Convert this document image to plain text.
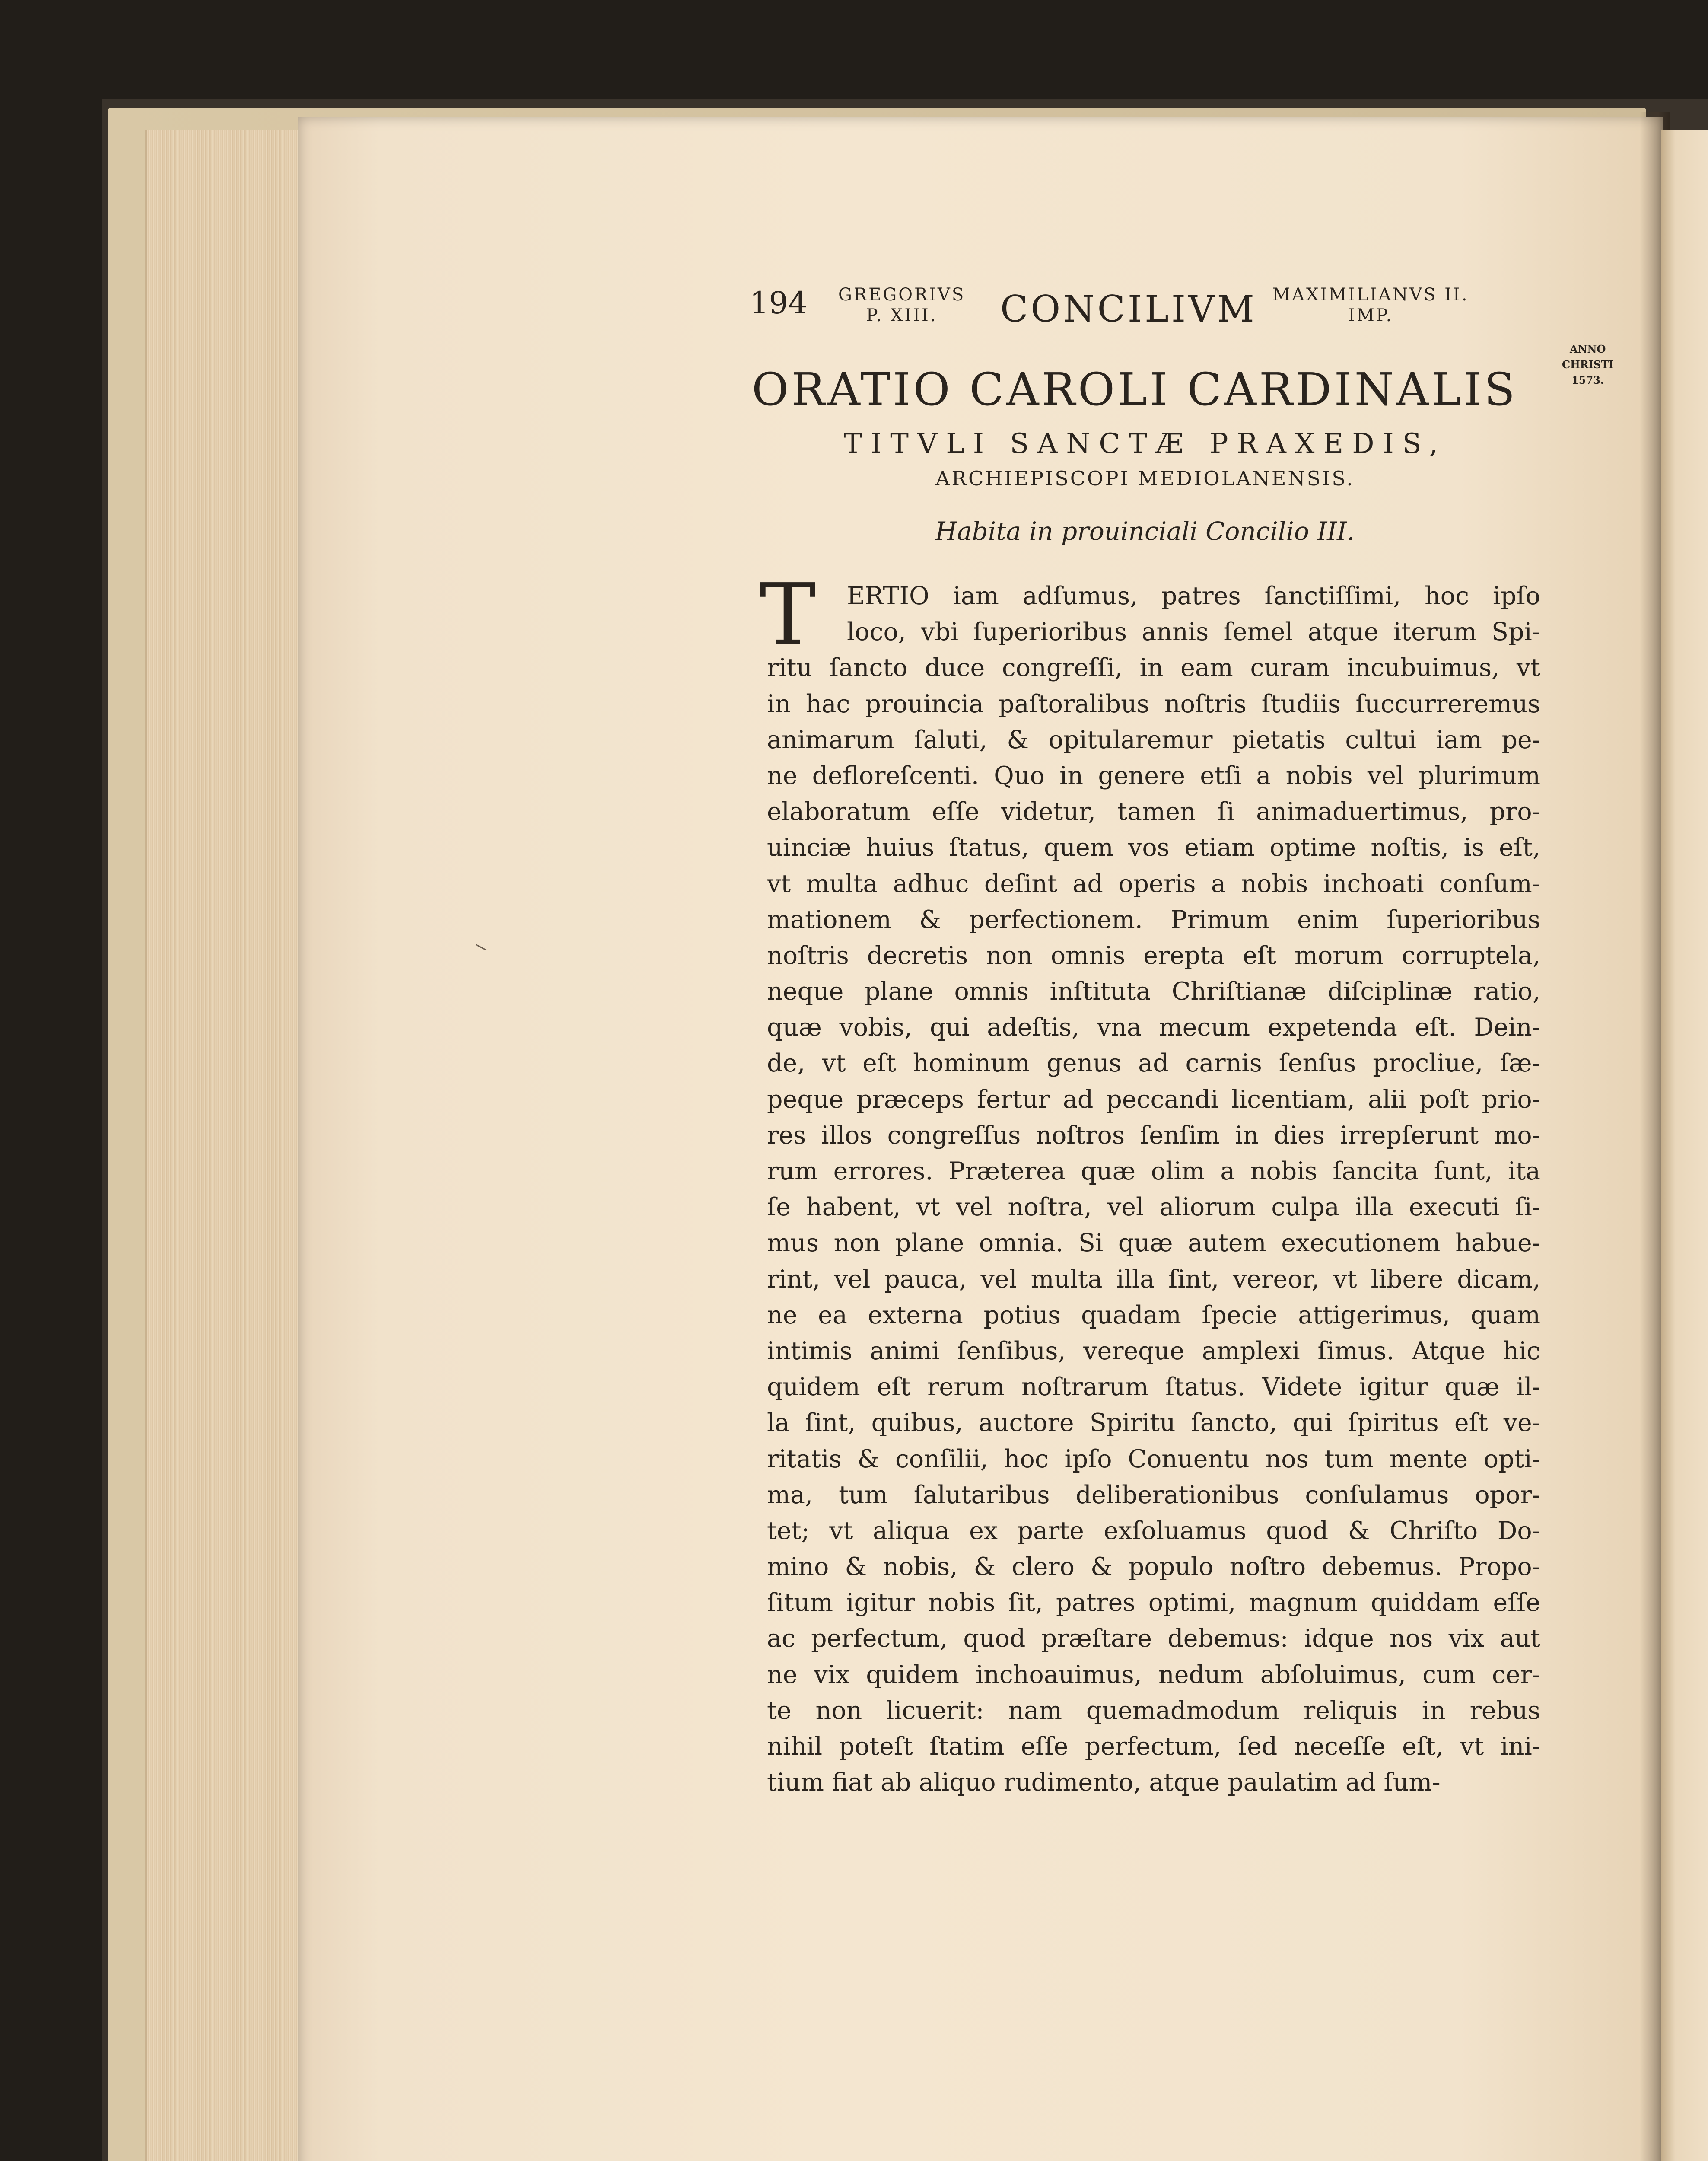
194 GREGORIVS
P. XIII.	CONCILIVM MAXIMILIANVS II.
IMP.
ANNO
CHRISTI
1573.
ORATIO CAROLI CARDINALIS
TITVLI SANCTÆ PRAXEDIS,
ARCHIEPISCOPI MEDIOLANENSIS.
Habita in prouinciali Concilio III.
T	ERTIO iam adſumus, patres ſanctiſſimi, hoc ipſo
loco, vbi ſuperioribus annis ſemel atque iterum Spi-
ritu ſancto duce congreſſi, in eam curam incubuimus, vt
in hac prouincia paſtoralibus noſtris ſtudiis ſuccurreremus
animarum ſaluti, & opitularemur pietatis cultui iam pe-
ne defloreſcenti. Quo in genere etſi a nobis vel plurimum
elaboratum eſſe videtur, tamen ſi animaduertimus, pro-
uinciæ huius ſtatus, quem vos etiam optime noſtis, is eſt,
vt multa adhuc deſint ad operis a nobis inchoati conſum-
mationem & perfectionem. Primum enim ſuperioribus
noſtris decretis non omnis erepta eſt morum corruptela,
neque plane omnis inſtituta Chriſtianæ diſciplinæ ratio,
quæ vobis, qui adeſtis, vna mecum expetenda eſt. Dein-
de, vt eſt hominum genus ad carnis ſenſus procliue, ſæ-
peque præceps fertur ad peccandi licentiam, alii poſt prio-
res illos congreſſus noſtros ſenſim in dies irrepſerunt mo-
rum errores. Præterea quæ olim a nobis ſancita ſunt, ita
ſe habent, vt vel noſtra, vel aliorum culpa illa executi ſi-
mus non plane omnia. Si quæ autem executionem habue-
rint, vel pauca, vel multa illa ſint, vereor, vt libere dicam,
ne ea externa potius quadam ſpecie attigerimus, quam
intimis animi ſenſibus, vereque amplexi ſimus. Atque hic
quidem eſt rerum noſtrarum ſtatus. Videte igitur quæ il-
la ſint, quibus, auctore Spiritu ſancto, qui ſpiritus eſt ve-
ritatis & conſilii, hoc ipſo Conuentu nos tum mente opti-
ma, tum ſalutaribus deliberationibus conſulamus opor-
tet; vt aliqua ex parte exſoluamus quod & Chriſto Do-
mino & nobis, & clero & populo noſtro debemus. Propo-
ſitum igitur nobis ſit, patres optimi, magnum quiddam eſſe
ac perfectum, quod præſtare debemus: idque nos vix aut
ne vix quidem inchoauimus, nedum abſoluimus, cum cer-
te non licuerit: nam quemadmodum reliquis in rebus
nihil poteſt ſtatim eſſe perfectum, ſed neceſſe eſt, vt ini-
tium fiat ab aliquo rudimento, atque paulatim ad ſum-
